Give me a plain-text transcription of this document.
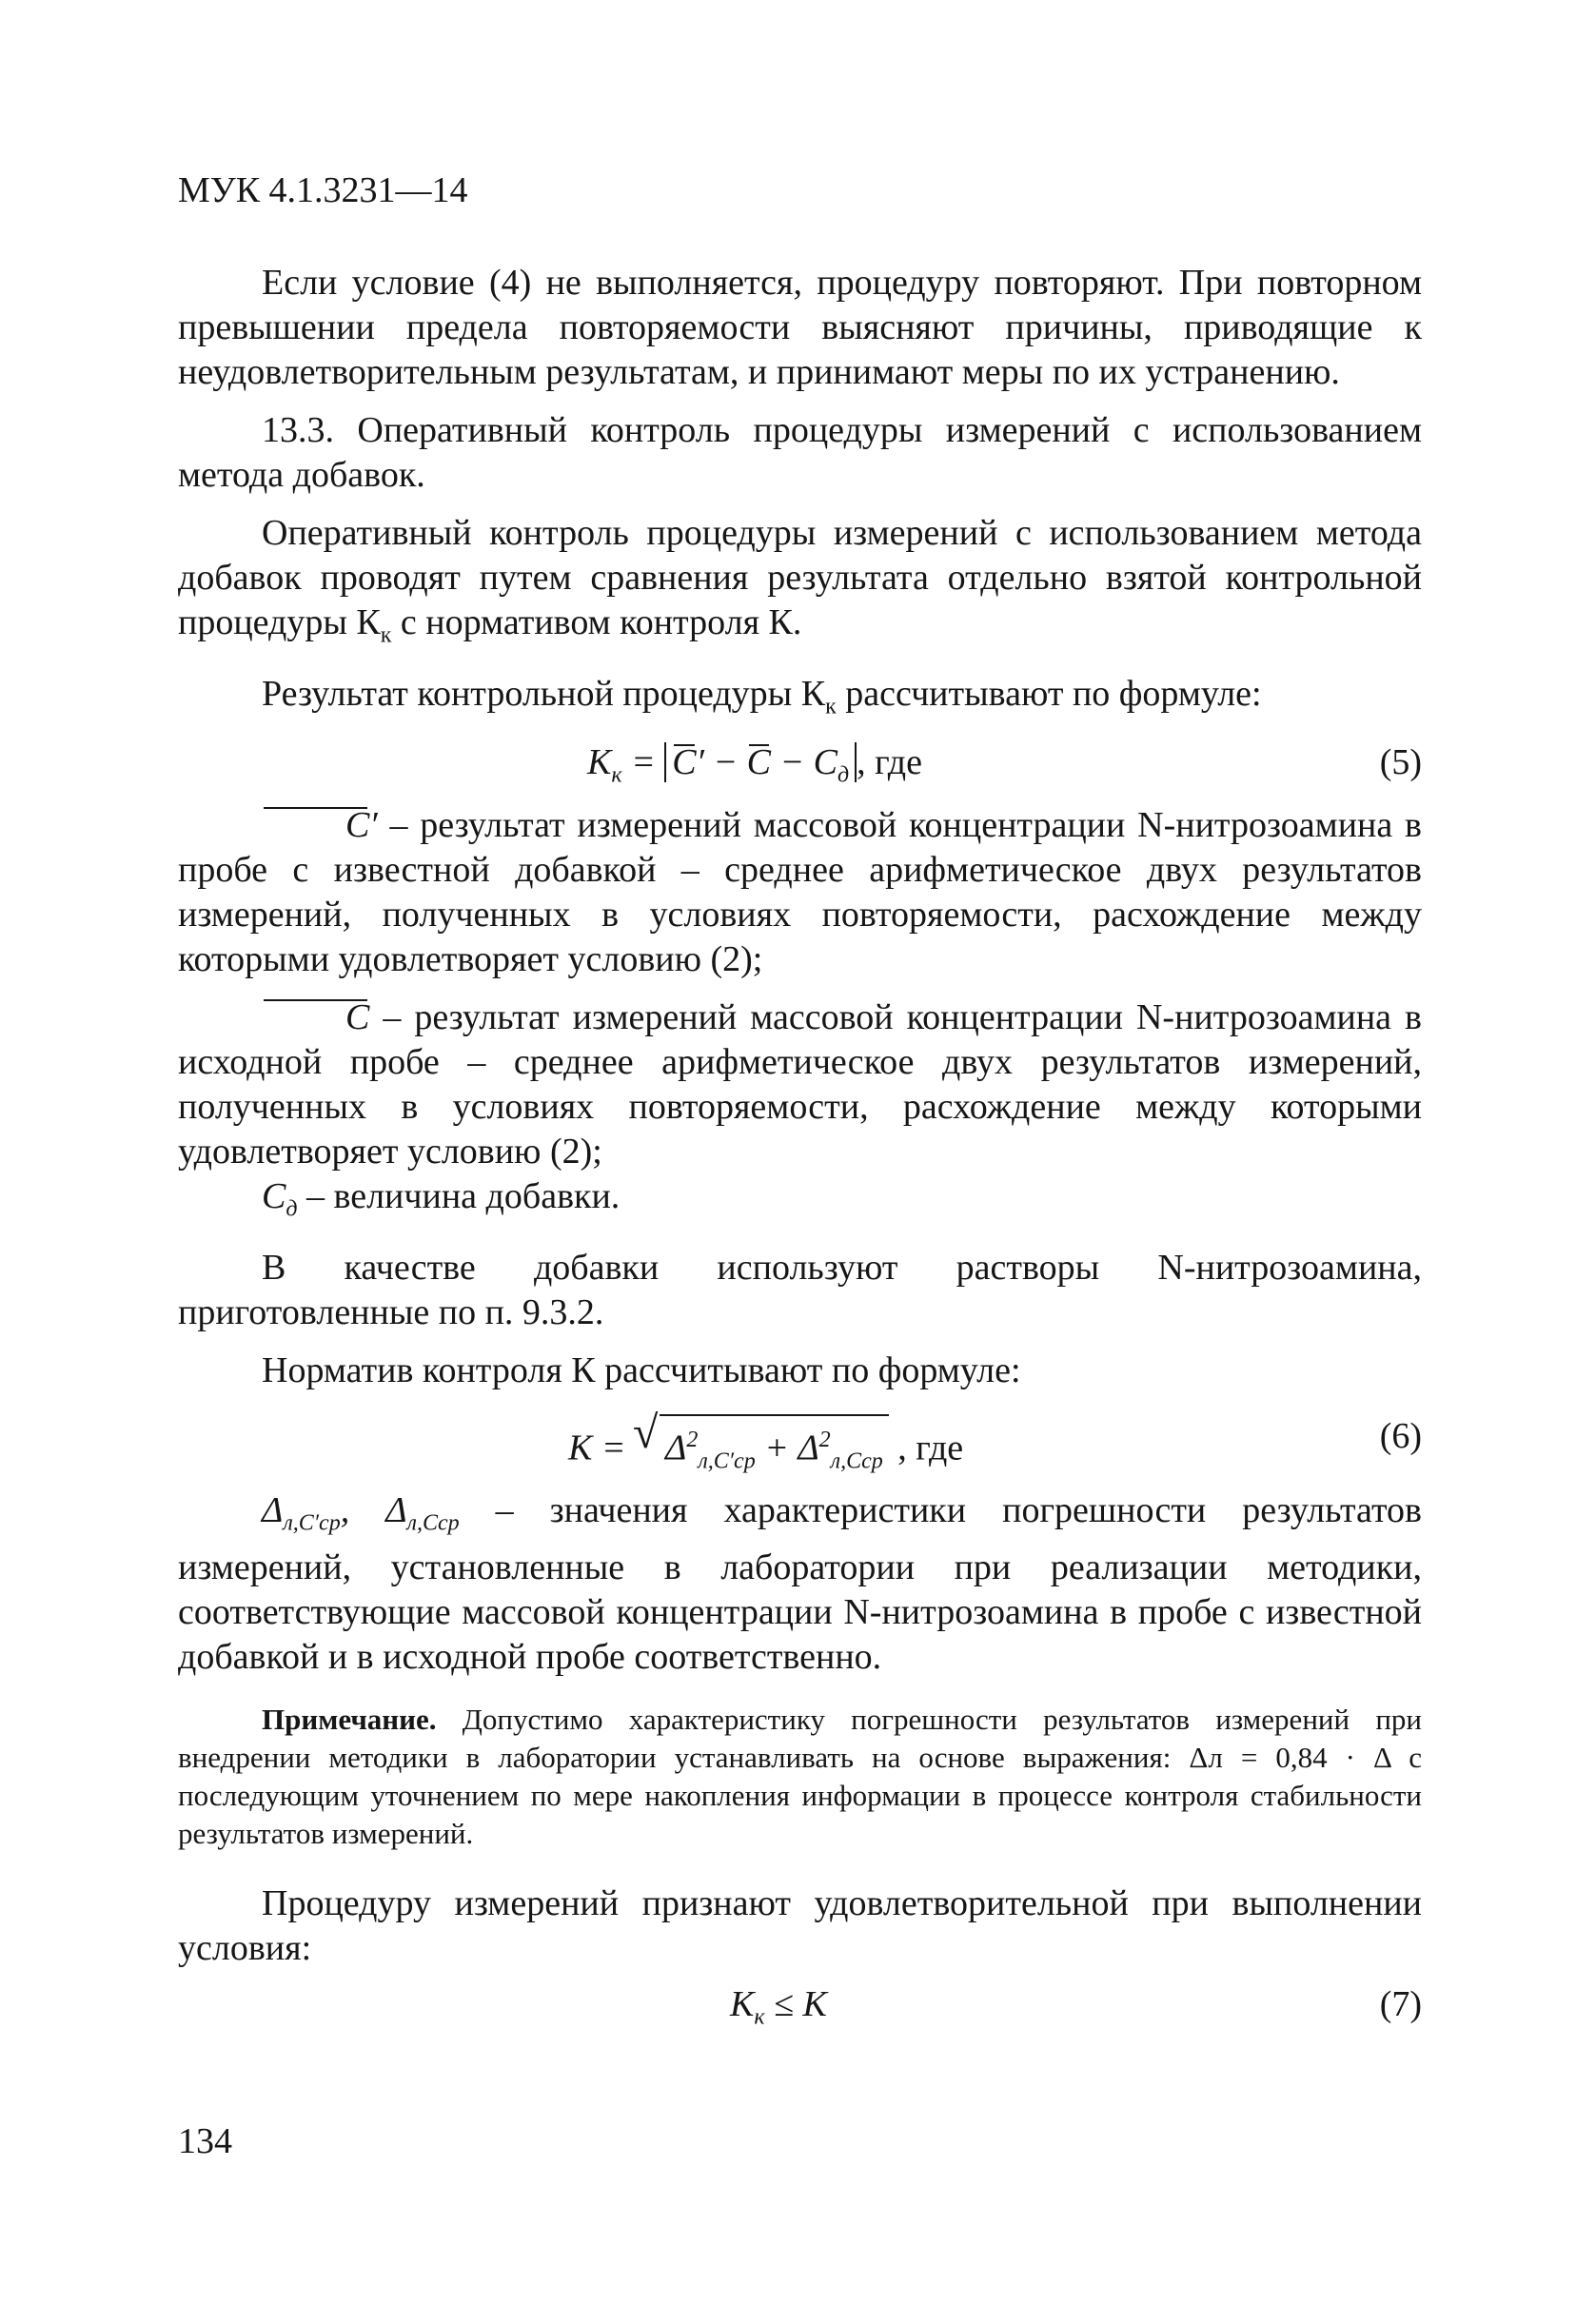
МУК 4.1.3231—14

Если условие (4) не выполняется, процедуру повторяют. При повторном превышении предела повторяемости выясняют причины, приводящие к неудовлетворительным результатам, и принимают меры по их устранению.

13.3. Оперативный контроль процедуры измерений с использованием метода добавок.

Оперативный контроль процедуры измерений с использованием метода добавок проводят путем сравнения результата отдельно взятой контрольной процедуры $К_к$ с нормативом контроля К.

Результат контрольной процедуры $К_к$ рассчитывают по формуле:

$K_к = C' - C - C_д$ , где	(5)

C′ – результат измерений массовой концентрации N-нитрозоамина в пробе с известной добавкой – среднее арифметическое двух результатов измерений, полученных в условиях повторяемости, расхождение между которыми удовлетворяет условию (2);

C – результат измерений массовой концентрации N-нитрозоамина в исходной пробе – среднее арифметическое двух результатов измерений, полученных в условиях повторяемости, расхождение между которыми удовлетворяет условию (2);

$C_д$ – величина добавки.

В качестве добавки используют растворы N-нитрозоамина, приготовленные по п. 9.3.2.

Норматив контроля К рассчитывают по формуле:

K = √ $\Delta^2_{л,C'ср} + \Delta^2_{л,Cср}$ , где	(6)

$\Delta_{л,C'ср}$, $\Delta_{л,Cср}$ – значения характеристики погрешности результатов измерений, установленные в лаборатории при реализации методики, соответствующие массовой концентрации N-нитрозоамина в пробе с известной добавкой и в исходной пробе соответственно.

Примечание. Допустимо характеристику погрешности результатов измерений при внедрении методики в лаборатории устанавливать на основе выражения: Δл = 0,84 · Δ с последующим уточнением по мере накопления информации в процессе контроля стабильности результатов измерений.

Процедуру измерений признают удовлетворительной при выполнении условия:

$K_к \le K$	(7)
134
